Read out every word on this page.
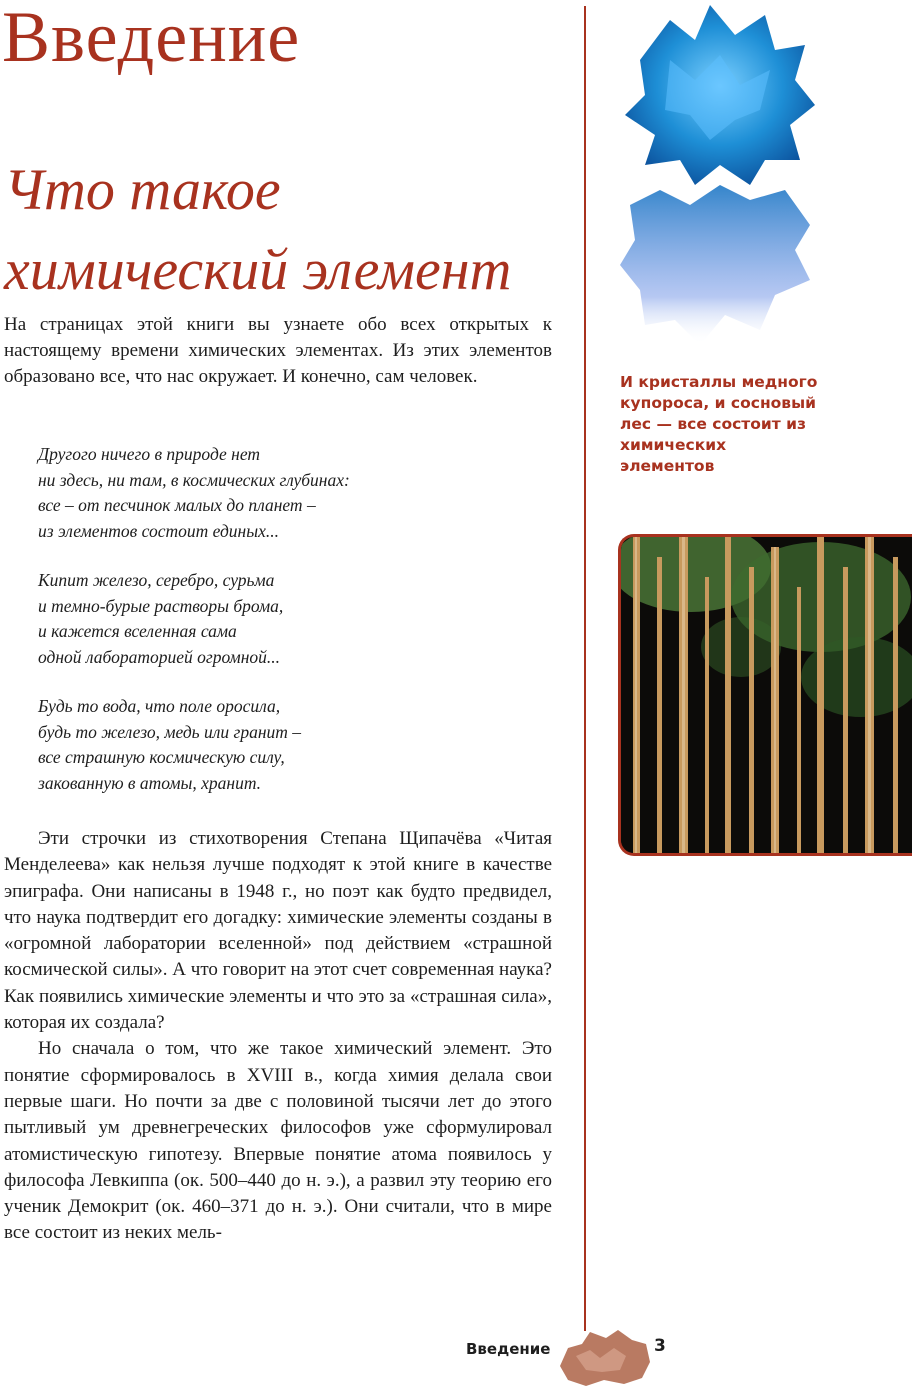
Введение
Что такое
химический элемент

На страницах этой книги вы узнаете обо всех открытых к настоящему времени химических элементах. Из этих элементов образовано все, что нас окружает. И конечно, сам человек.

Другого ничего в природе нет
ни здесь, ни там, в космических глубинах:
все – от песчинок малых до планет –
из элементов состоит единых...
Кипит железо, серебро, сурьма
и темно-бурые растворы брома,
и кажется вселенная сама
одной лабораторией огромной...
Будь то вода, что поле оросила,
будь то железо, медь или гранит –
все страшную космическую силу,
закованную в атомы, хранит.

Эти строчки из стихотворения Степана Щипачёва «Читая Менделеева» как нельзя лучше подходят к этой книге в качестве эпиграфа. Они написаны в 1948 г., но поэт как будто предвидел, что наука подтвердит его догадку: химические элементы созданы в «огромной лаборатории вселенной» под действием «страшной космической силы». А что говорит на этот счет современная наука? Как появились химические элементы и что это за «страшная сила», которая их создала?

Но сначала о том, что же такое химический элемент. Это понятие сформировалось в XVIII в., когда химия делала свои первые шаги. Но почти за две с половиной тысячи лет до этого пытливый ум древнегреческих философов уже сформулировал атомистическую гипотезу. Впервые понятие атома появилось у философа Левкиппа (ок. 500–440 до н. э.), а развил эту теорию его ученик Демокрит (ок. 460–371 до н. э.). Они считали, что в мире все состоит из неких мель-

И кристаллы медного купороса, и сосновый лес — все состоит из химических элементов

Введение	3
